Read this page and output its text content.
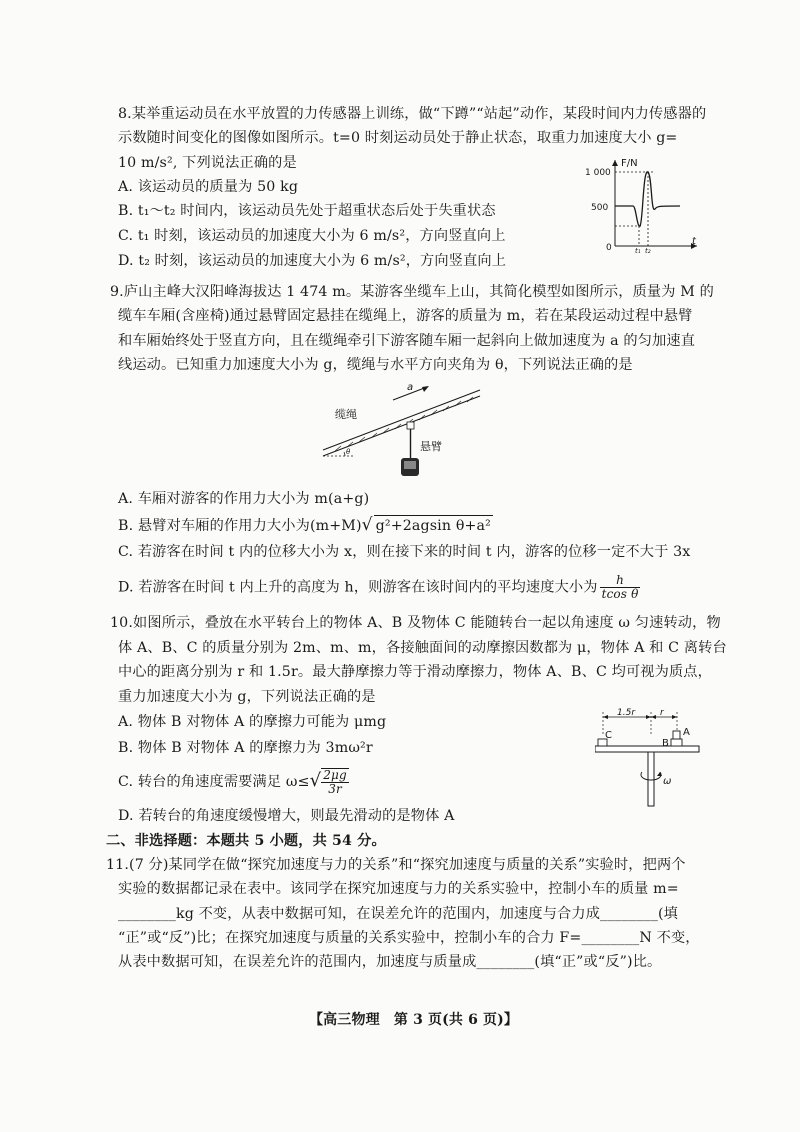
8.某举重运动员在水平放置的力传感器上训练，做“下蹲”“站起”动作，某段时间内力传感器的
示数随时间变化的图像如图所示。t=0 时刻运动员处于静止状态，取重力加速度大小 g=
10 m/s², 下列说法正确的是
A. 该运动员的质量为 50 kg
B. t₁～t₂ 时间内，该运动员先处于超重状态后处于失重状态
C. t₁ 时刻，该运动员的加速度大小为 6 m/s²，方向竖直向上
D. t₂ 时刻，该运动员的加速度大小为 6 m/s²，方向竖直向上
F/N
t
1 000
500
0	t₁ t₂
9.庐山主峰大汉阳峰海拔达 1 474 m。某游客坐缆车上山，其简化模型如图所示，质量为 M 的
缆车车厢(含座椅)通过悬臂固定悬挂在缆绳上，游客的质量为 m，若在某段运动过程中悬臂
和车厢始终处于竖直方向，且在缆绳牵引下游客随车厢一起斜向上做加速度为 a 的匀加速直
线运动。已知重力加速度大小为 g，缆绳与水平方向夹角为 θ，下列说法正确的是
θ
缆绳
a
悬臂
A. 车厢对游客的作用力大小为 m(a+g)
B. 悬臂对车厢的作用力大小为(m+M)√ g²+2agsin θ+a²
C. 若游客在时间 t 内的位移大小为 x，则在接下来的时间 t 内，游客的位移一定不大于 3x
D. 若游客在时间 t 内上升的高度为 h，则游客在该时间内的平均速度大小为 $\frac{h}{\text{tcos θ}}$
10.如图所示，叠放在水平转台上的物体 A、B 及物体 C 能随转台一起以角速度 ω 匀速转动，物
体 A、B、C 的质量分别为 2m、m、m，各接触面间的动摩擦因数都为 μ，物体 A 和 C 离转台
中心的距离分别为 r 和 1.5r。最大静摩擦力等于滑动摩擦力，物体 A、B、C 均可视为质点，
重力加速度大小为 g，下列说法正确的是
A. 物体 B 对物体 A 的摩擦力可能为 μmg
B. 物体 B 对物体 A 的摩擦力为 3mω²r
C. 转台的角速度需要满足 $\omega\le√ \frac{2\mu g}{3r}$
D. 若转台的角速度缓慢增大，则最先滑动的是物体 A
1.5r	r
C
B
A
ω
二、非选择题：本题共 5 小题，共 54 分。
11.(7 分)某同学在做“探究加速度与力的关系”和“探究加速度与质量的关系”实验时，把两个
实验的数据都记录在表中。该同学在探究加速度与力的关系实验中，控制小车的质量 m=
________kg 不变，从表中数据可知，在误差允许的范围内，加速度与合力成________(填
“正”或“反”)比；在探究加速度与质量的关系实验中，控制小车的合力 F=________N 不变，
从表中数据可知，在误差允许的范围内，加速度与质量成________(填“正”或“反”)比。
【高三物理　第 3 页(共 6 页)】
